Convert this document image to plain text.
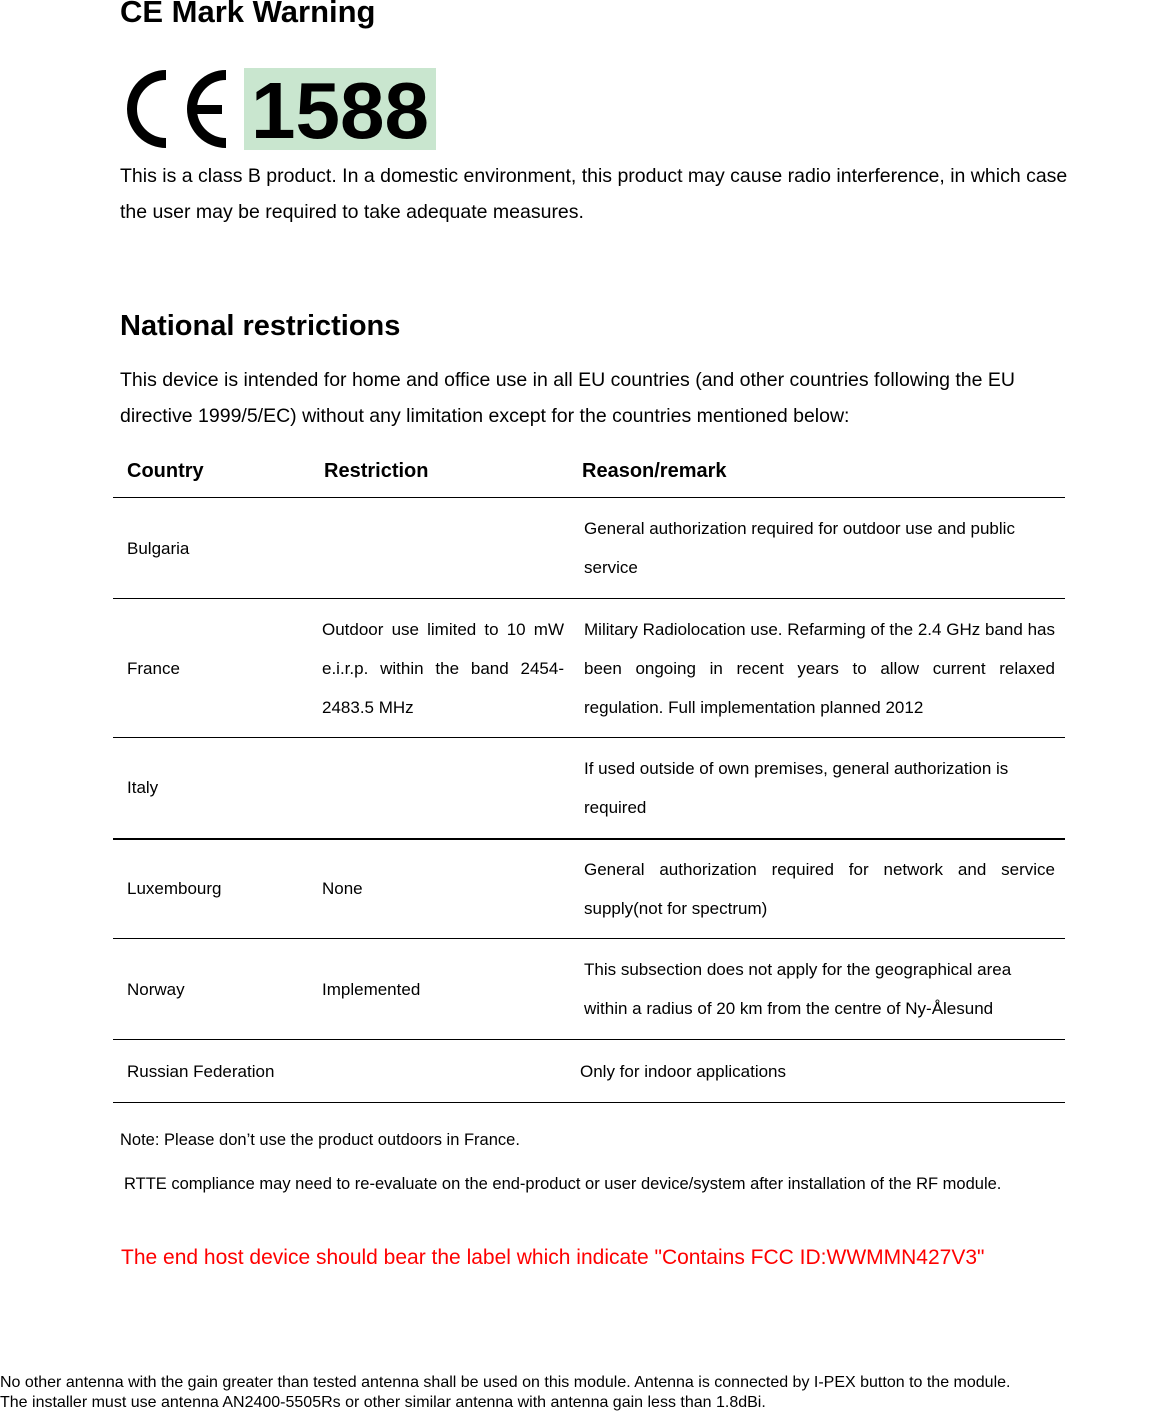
CE Mark Warning
1588

This is a class B product. In a domestic environment, this product may cause radio interference, in which case the user may be required to take adequate measures.

National restrictions

This device is intended for home and office use in all EU countries (and other countries following the EU directive 1999/5/EC) without any limitation except for the countries mentioned below:

Country	Restriction	Reason/remark
Bulgaria		General authorization required for outdoor use and public service
France	Outdoor use limited to 10 mW e.i.r.p. within the band 2454-2483.5 MHz	Military Radiolocation use. Refarming of the 2.4 GHz band has been ongoing in recent years to allow current relaxed regulation. Full implementation planned 2012
Italy		If used outside of own premises, general authorization is required
Luxembourg	None	General authorization required for network and service supply(not for spectrum)
Norway	Implemented	This subsection does not apply for the geographical area within a radius of 20 km from the centre of Ny-Ålesund
Russian Federation		Only for indoor applications
Note: Please don’t use the product outdoors in France.
RTTE compliance may need to re-evaluate on the end-product or user device/system after installation of the RF module.
The end host device should bear the label which indicate "Contains FCC ID:WWMMN427V3"
No other antenna with the gain greater than tested antenna shall be used on this module. Antenna is connected by I-PEX button to the module.
The installer must use antenna AN2400-5505Rs or other similar antenna with antenna gain less than 1.8dBi.
